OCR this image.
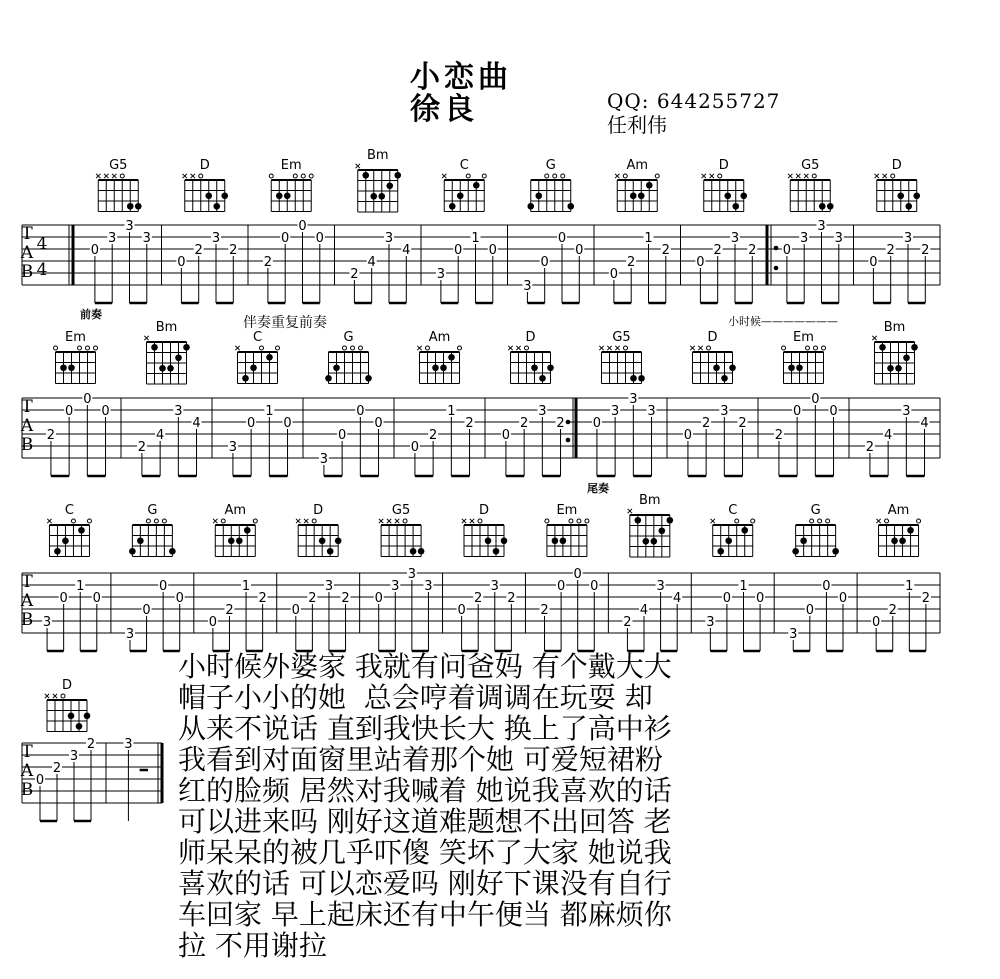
小恋曲
徐良	QQ: 644255727
任利伟
前奏
伴奏重复前奏	小时候———————
尾奏
T
A
B
4
4
G5
0
3
3
3
D
0
2
3
2
Em
2
0
0
0
Bm
2
4
3
4
C
3
0
1
0
G
3
0
0
0
Am
0
2
1
2
D
0
2
3
2
G5
0
3
3
3
D
0
2
3
2
T
A
B
Em
2
0
0
0
Bm
2
4
3
4
C
3
0
1
0
G
3
0
0
0
Am
0
2
1
2
D
0
2
3
2
G5
0
3
3
3
D
0
2
3
2
Em
2
0
0
0
Bm
2
4
3
4
T
A
B
C
3
0
1
0
G
3
0
0
0
Am
0
2
1
2
D
0
2
3
2
G5
0
3
3
3
D
0
2
3
2
Em
2
0
0
0
Bm
2
4
3
4
C
3
0
1
0
G
3
0
0
0
Am
0
2
1
2
T
A
B
D
0
2
3
2 3
小时候外婆家 我就有问爸妈 有个戴大大
帽子小小的她  总会哼着调调在玩耍 却
从来不说话 直到我快长大 换上了高中衫
我看到对面窗里站着那个她 可爱短裙粉
红的脸频 居然对我喊着 她说我喜欢的话
可以进来吗 刚好这道难题想不出回答 老
师呆呆的被几乎吓傻 笑坏了大家 她说我
喜欢的话 可以恋爱吗 刚好下课没有自行
车回家 早上起床还有中午便当 都麻烦你
拉 不用谢拉
